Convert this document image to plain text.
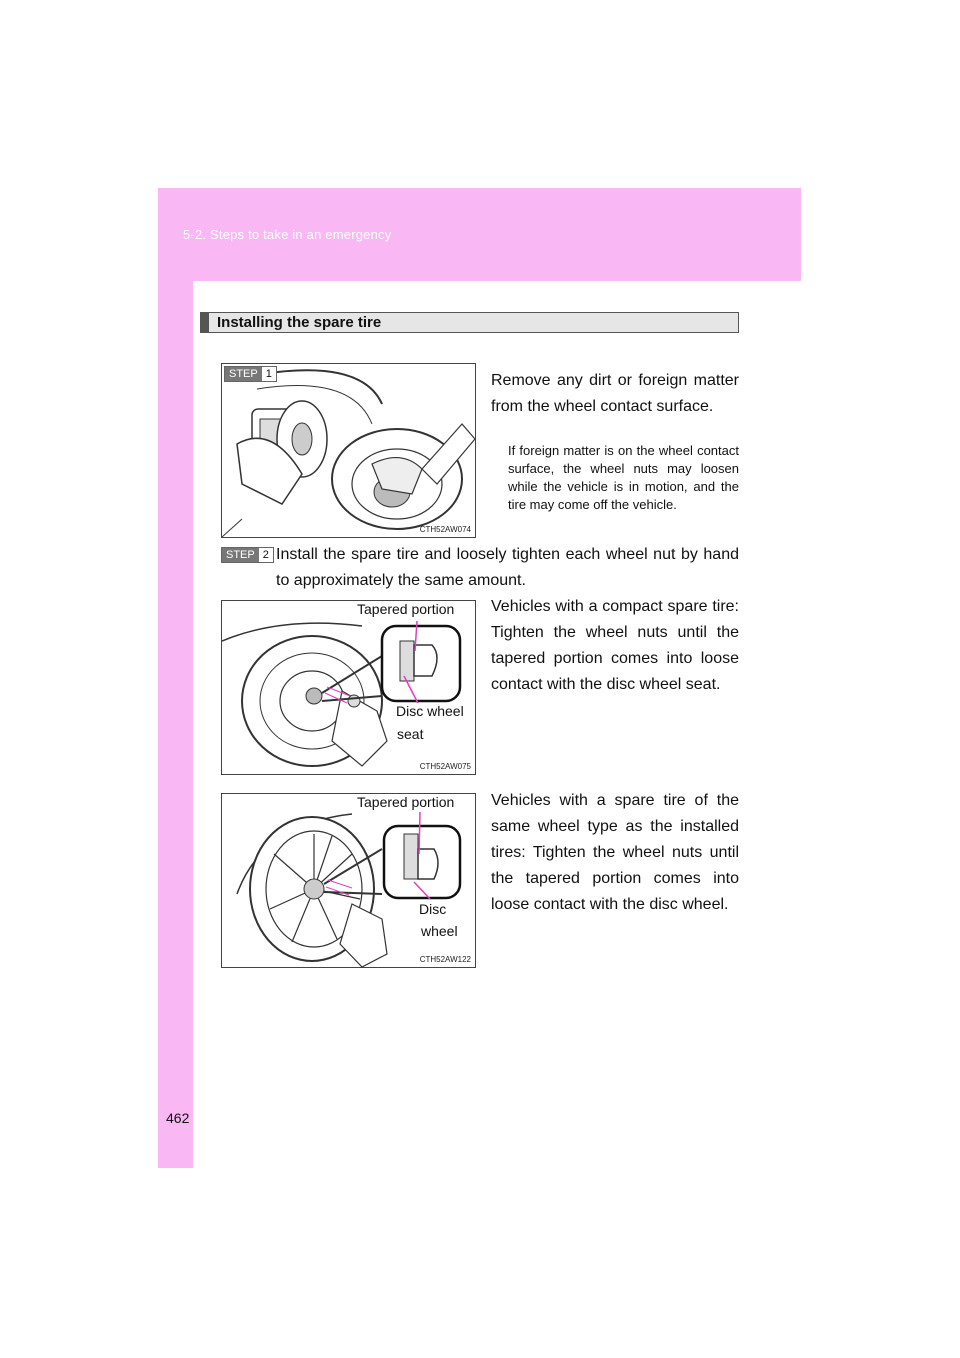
5-2. Steps to take in an emergency
Installing the spare tire
STEP 1
CTH52AW074
Remove any dirt or foreign matter from the wheel contact surface.
If foreign matter is on the wheel contact surface, the wheel nuts may loosen while the vehicle is in motion, and the tire may come off the vehicle.
STEP 2 Install the spare tire and loosely tighten each wheel nut by hand to approximately the same amount.
CTH52AW075
Tapered portion
Disc wheel
seat
Vehicles with a compact spare tire: Tighten the wheel nuts until the tapered portion comes into loose contact with the disc wheel seat.
CTH52AW122
Tapered portion
Disc
wheel
Vehicles with a spare tire of the same wheel type as the installed tires: Tighten the wheel nuts until the tapered portion comes into loose contact with the disc wheel.
462
